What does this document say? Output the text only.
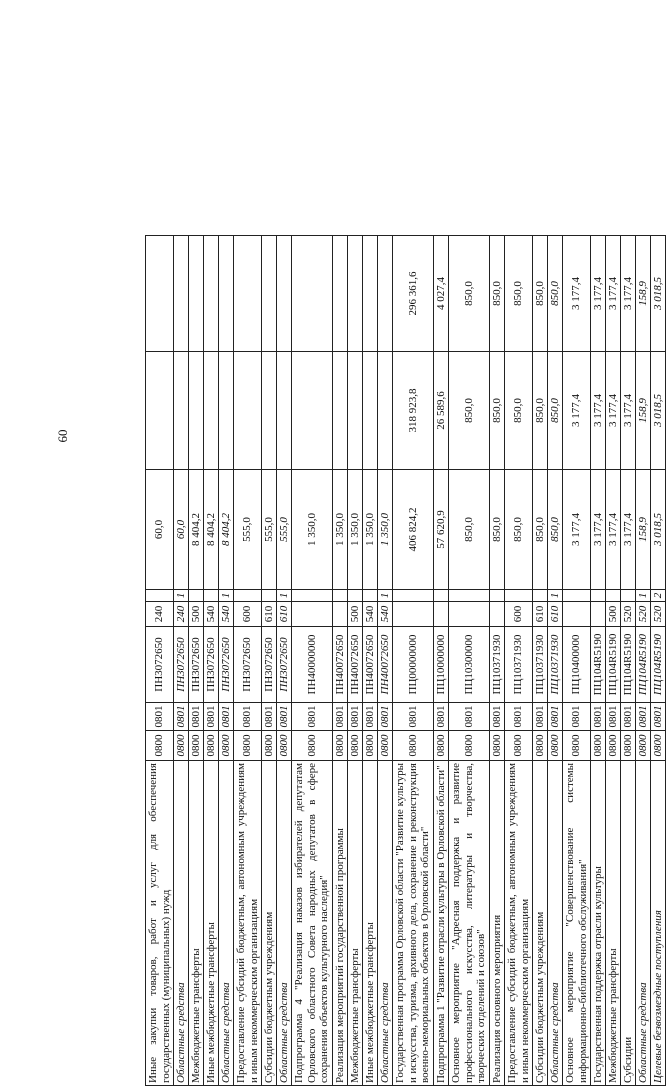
60
Иные закупки товаров, работ и услуг для обеспечения государственных (муниципальных) нужд	0800	0801	ПН3072650	240		60,0		
Областные средства	0800	0801	ПН3072650	240	1	60,0		
Межбюджетные трансферты	0800	0801	ПН3072650	500		8 404,2		
Иные межбюджетные трансферты	0800	0801	ПН3072650	540		8 404,2		
Областные средства	0800	0801	ПН3072650	540	1	8 404,2		
Предоставление субсидий бюджетным, автономным учреждениям и иным некоммерческим организациям	0800	0801	ПН3072650	600		555,0		
Субсидии бюджетным учреждениям	0800	0801	ПН3072650	610		555,0		
Областные средства	0800	0801	ПН3072650	610	1	555,0		
Подпрограмма 4 "Реализация наказов избирателей депутатам Орловского областного Совета народных депутатов в сфере сохранения объектов культурного наследия"	0800	0801	ПН40000000			1 350,0		
Реализация мероприятий государственной программы	0800	0801	ПН40072650			1 350,0		
Межбюджетные трансферты	0800	0801	ПН40072650	500		1 350,0		
Иные межбюджетные трансферты	0800	0801	ПН40072650	540		1 350,0		
Областные средства	0800	0801	ПН40072650	540	1	1 350,0		
Государственная программа Орловской области "Развитие культуры и искусства, туризма, архивного дела, сохранение и реконструкция военно-мемориальных объектов в Орловской области"	0800	0801	ПЦ00000000			406 824,2	318 923,8	296 361,6
Подпрограмма 1 "Развитие отрасли культуры в Орловской области"	0800	0801	ПЦ10000000			57 620,9	26 589,6	4 027,4
Основное мероприятие "Адресная поддержка и развитие профессионального искусства, литературы и творчества, творческих отделений и союзов"	0800	0801	ПЦ10300000			850,0	850,0	850,0
Реализация основного мероприятия	0800	0801	ПЦ10371930			850,0	850,0	850,0
Предоставление субсидий бюджетным, автономным учреждениям и иным некоммерческим организациям	0800	0801	ПЦ10371930	600		850,0	850,0	850,0
Субсидии бюджетным учреждениям	0800	0801	ПЦ10371930	610		850,0	850,0	850,0
Областные средства	0800	0801	ПЦ10371930	610	1	850,0	850,0	850,0
Основное мероприятие "Совершенствование системы информационно-библиотечного обслуживания"	0800	0801	ПЦ10400000			3 177,4	3 177,4	3 177,4
Государственная поддержка отрасли культуры	0800	0801	ПЦ104R5190			3 177,4	3 177,4	3 177,4
Межбюджетные трансферты	0800	0801	ПЦ104R5190	500		3 177,4	3 177,4	3 177,4
Субсидии	0800	0801	ПЦ104R5190	520		3 177,4	3 177,4	3 177,4
Областные средства	0800	0801	ПЦ104R5190	520	1	158,9	158,9	158,9
Целевые безвозмездные поступления	0800	0801	ПЦ104R5190	520	2	3 018,5	3 018,5	3 018,5
